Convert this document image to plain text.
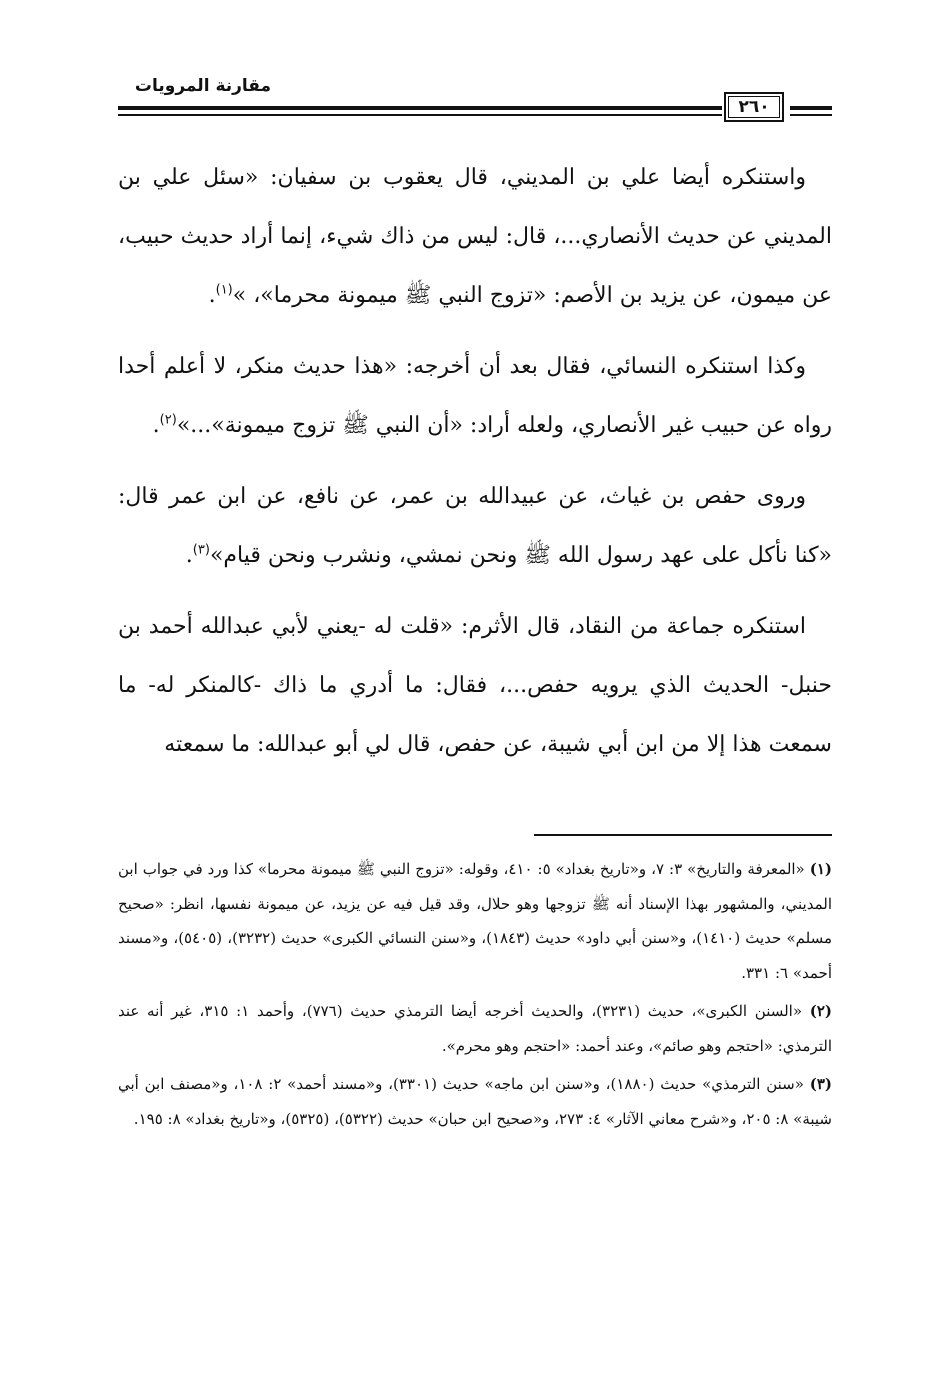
مقارنة المرويات
٢٦٠

واستنكره أيضا علي بن المديني، قال يعقوب بن سفيان: «سئل علي بن المديني عن حديث الأنصاري...، قال: ليس من ذاك شيء، إنما أراد حديث حبيب، عن ميمون، عن يزيد بن الأصم: «تزوج النبي ﷺ ميمونة محرما»، »$^{(١)}$.

وكذا استنكره النسائي، فقال بعد أن أخرجه: «هذا حديث منكر، لا أعلم أحدا رواه عن حبيب غير الأنصاري، ولعله أراد: «أن النبي ﷺ تزوج ميمونة»...»$^{(٢)}$.

وروى حفص بن غياث، عن عبيدالله بن عمر، عن نافع، عن ابن عمر قال: «كنا نأكل على عهد رسول الله ﷺ ونحن نمشي، ونشرب ونحن قيام»$^{(٣)}$.

استنكره جماعة من النقاد، قال الأثرم: «قلت له -يعني لأبي عبدالله أحمد بن حنبل- الحديث الذي يرويه حفص...، فقال: ما أدري ما ذاك -كالمنكر له- ما سمعت هذا إلا من ابن أبي شيبة، عن حفص، قال لي أبو عبدالله: ما سمعته

(١) «المعرفة والتاريخ» ٣: ٧، و«تاريخ بغداد» ٥: ٤١٠، وقوله: «تزوج النبي ﷺ ميمونة محرما» كذا ورد في جواب ابن المديني، والمشهور بهذا الإسناد أنه ﷺ تزوجها وهو حلال، وقد قيل فيه عن يزيد، عن ميمونة نفسها، انظر: «صحيح مسلم» حديث (١٤١٠)، و«سنن أبي داود» حديث (١٨٤٣)، و«سنن النسائي الكبرى» حديث (٣٢٣٢)، (٥٤٠٥)، و«مسند أحمد» ٦: ٣٣١.

(٢) «السنن الكبرى»، حديث (٣٢٣١)، والحديث أخرجه أيضا الترمذي حديث (٧٧٦)، وأحمد ١: ٣١٥، غير أنه عند الترمذي: «احتجم وهو صائم»، وعند أحمد: «احتجم وهو محرم».

(٣) «سنن الترمذي» حديث (١٨٨٠)، و«سنن ابن ماجه» حديث (٣٣٠١)، و«مسند أحمد» ٢: ١٠٨، و«مصنف ابن أبي شيبة» ٨: ٢٠٥، و«شرح معاني الآثار» ٤: ٢٧٣، و«صحيح ابن حبان» حديث (٥٣٢٢)، (٥٣٢٥)، و«تاريخ بغداد» ٨: ١٩٥.
